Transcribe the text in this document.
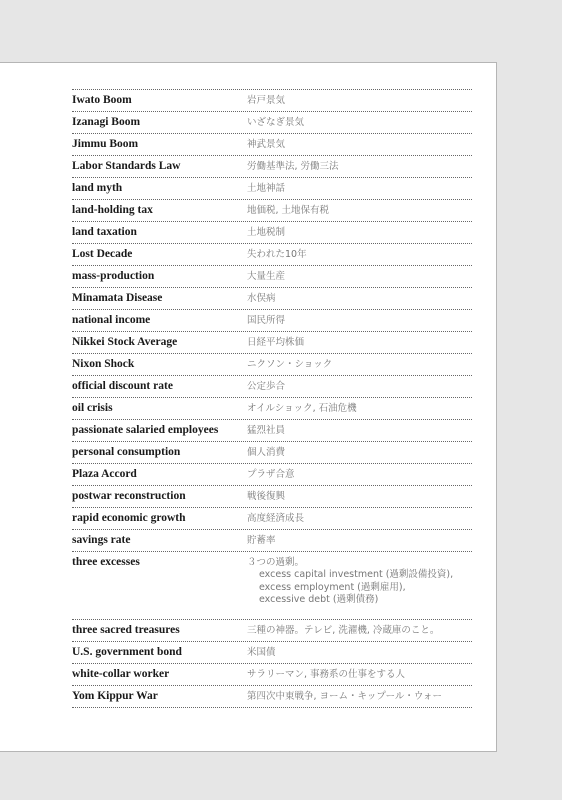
Iwato Boom	岩戸景気
Izanagi Boom	いざなぎ景気
Jimmu Boom	神武景気
Labor Standards Law	労働基準法, 労働三法
land myth	土地神話
land-holding tax	地価税, 土地保有税
land taxation	土地税制
Lost Decade	失われた10年
mass-production	大量生産
Minamata Disease	水俣病
national income	国民所得
Nikkei Stock Average	日経平均株価
Nixon Shock	ニクソン・ショック
official discount rate	公定歩合
oil crisis	オイルショック, 石油危機
passionate salaried employees	猛烈社員
personal consumption	個人消費
Plaza Accord	プラザ合意
postwar reconstruction	戦後復興
rapid economic growth	高度経済成長
savings rate	貯蓄率
three excesses	３つの過剰。
excess capital investment (過剰設備投資),
excess employment (過剰雇用),
excessive debt (過剰債務)
three sacred treasures	三種の神器。テレビ, 洗濯機, 冷蔵庫のこと。
U.S. government bond	米国債
white-collar worker	サラリーマン, 事務系の仕事をする人
Yom Kippur War	第四次中東戦争, ヨーム・キップール・ウォー
